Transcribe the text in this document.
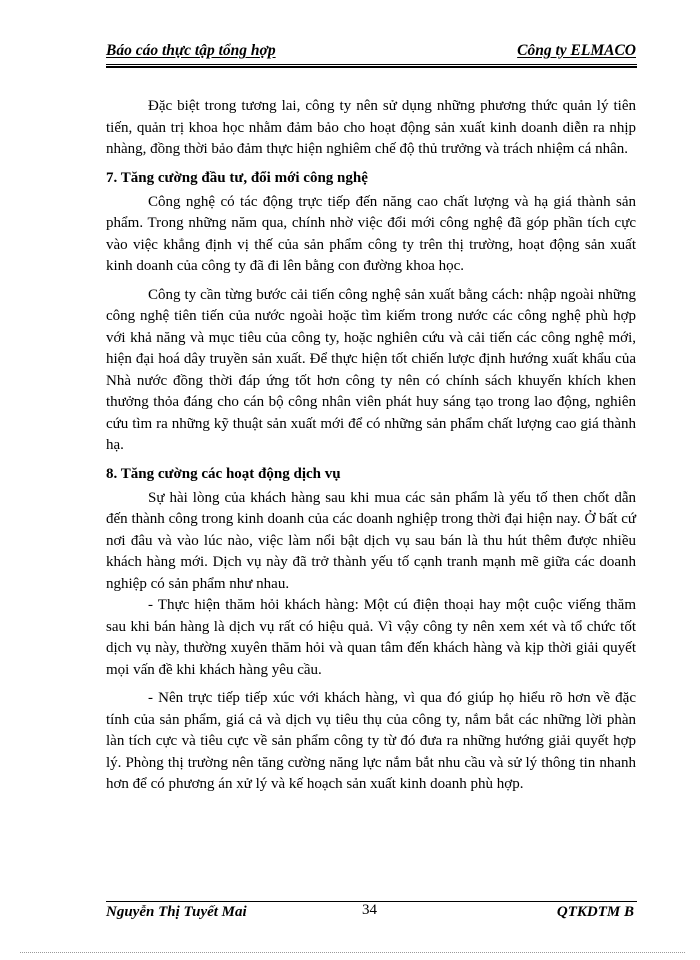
Báo cáo thực tập tổng hợp	Công ty ELMACO

Đặc biệt trong tương lai, công ty nên sử dụng những phương thức quản lý tiên tiến, quản trị khoa học nhằm đảm bảo cho hoạt động sản xuất kinh doanh diễn ra nhịp nhàng, đồng thời bảo đảm thực hiện nghiêm chế độ thủ trưởng và trách nhiệm cá nhân.

7. Tăng cường đầu tư, đổi mới công nghệ

Công nghệ có tác động trực tiếp đến năng cao chất lượng và hạ giá thành sản phẩm. Trong những năm qua, chính nhờ việc đổi mới công nghệ đã góp phần tích cực vào việc khẳng định vị thế của sản phẩm công ty trên thị trường, hoạt động sản xuất kinh doanh của công ty đã đi lên bằng con đường khoa học.

Công ty cần từng bước cải tiến công nghệ sản xuất bằng cách: nhập ngoài những công nghệ tiên tiến của nước ngoài hoặc tìm kiếm trong nước các công nghệ phù hợp với khả năng và mục tiêu của công ty, hoặc nghiên cứu và cải tiến các công nghệ mới, hiện đại hoá dây truyền sản xuất. Để thực hiện tốt chiến lược định hướng xuất khẩu của Nhà nước đồng thời đáp ứng tốt hơn công ty nên có chính sách khuyến khích khen thưởng thỏa đáng cho cán bộ công nhân viên phát huy sáng tạo trong lao động, nghiên cứu tìm ra những kỹ thuật sản xuất mới để có những sản phẩm chất lượng cao giá thành hạ.

8. Tăng cường các hoạt động dịch vụ

Sự hài lòng của khách hàng sau khi mua các sản phẩm là yếu tố then chốt dẫn đến thành công trong kinh doanh của các doanh nghiệp trong thời đại hiện nay. Ở bất cứ nơi đâu và vào lúc nào, việc làm nổi bật dịch vụ sau bán là thu hút thêm được nhiều khách hàng mới. Dịch vụ này đã trở thành yếu tố cạnh tranh mạnh mẽ giữa các doanh nghiệp có sản phẩm như nhau.

- Thực hiện thăm hỏi khách hàng: Một cú điện thoại hay một cuộc viếng thăm sau khi bán hàng là dịch vụ rất có hiệu quả. Vì vậy công ty nên xem xét và tổ chức tốt dịch vụ này, thường xuyên thăm hỏi và quan tâm đến khách hàng và kịp thời giải quyết mọi vấn đề khi khách hàng yêu cầu.

- Nên trực tiếp tiếp xúc với khách hàng, vì qua đó giúp họ hiểu rõ hơn về đặc tính của sản phẩm, giá cả và dịch vụ tiêu thụ của công ty, nắm bắt các những lời phàn làn tích cực và tiêu cực về sản phẩm công ty từ đó đưa ra những hướng giải quyết hợp lý. Phòng thị trường nên tăng cường năng lực nắm bắt nhu cầu và sử lý thông tin nhanh hơn để có phương án xử lý và kế hoạch sản xuất kinh doanh phù hợp.

Nguyễn Thị Tuyết Mai	34	QTKDTM B
